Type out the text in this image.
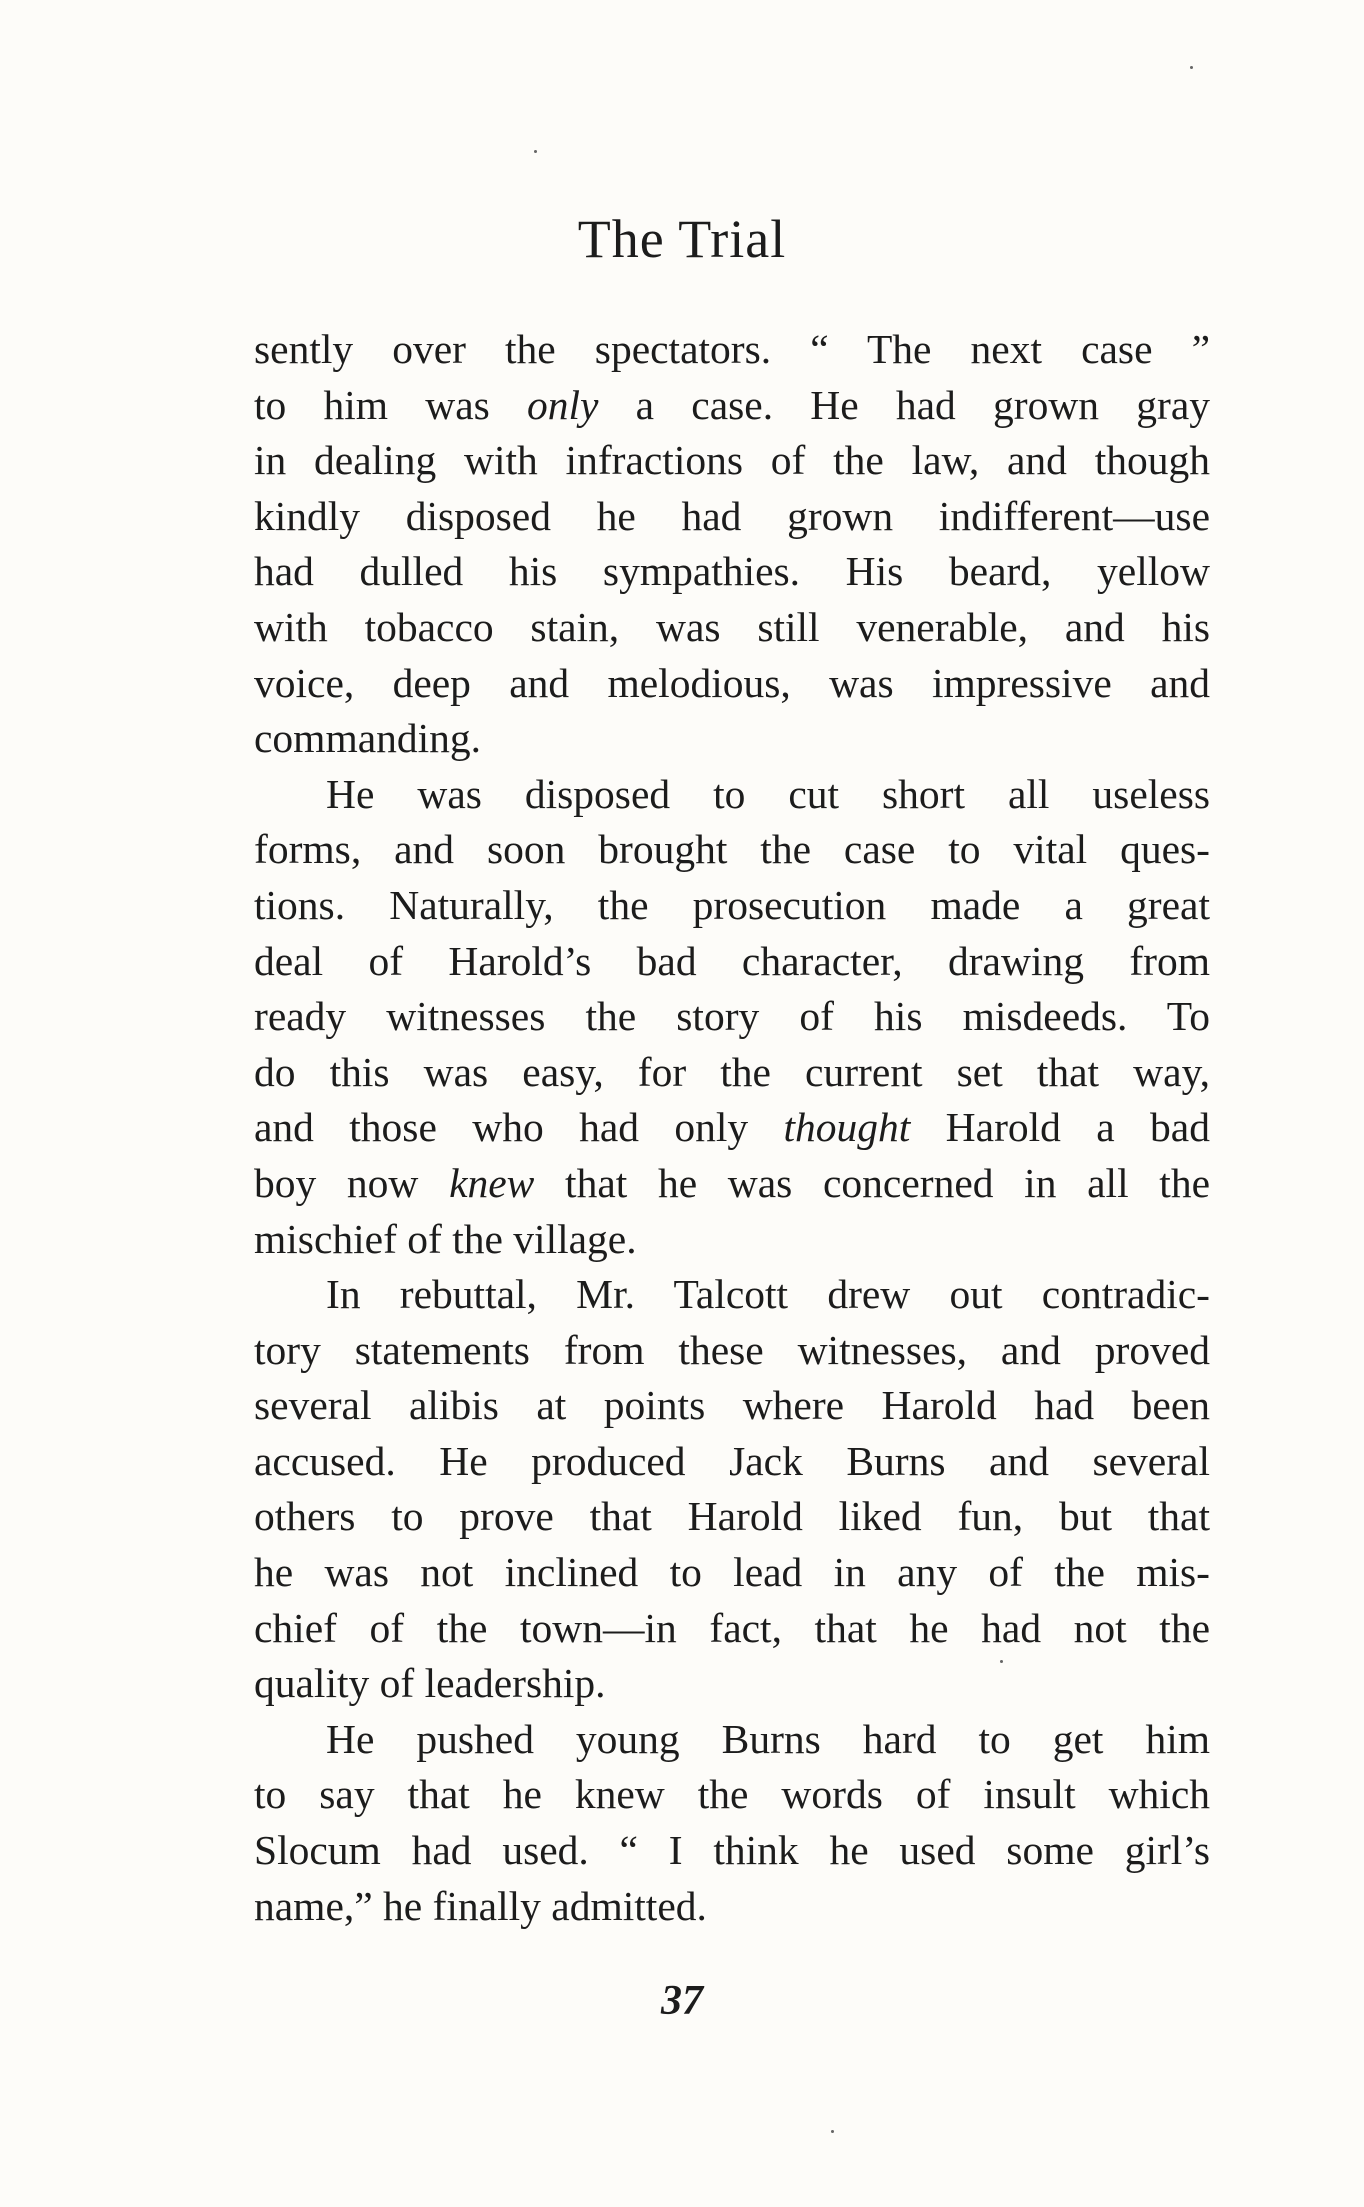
The Trial

sently over the spectators. “ The next case ”
to him was only a case. He had grown gray
in dealing with infractions of the law, and though
kindly disposed he had grown indifferent—use
had dulled his sympathies. His beard, yellow
with tobacco stain, was still venerable, and his
voice, deep and melodious, was impressive and
commanding.

He was disposed to cut short all useless
forms, and soon brought the case to vital ques-
tions. Naturally, the prosecution made a great
deal of Harold’s bad character, drawing from
ready witnesses the story of his misdeeds. To
do this was easy, for the current set that way,
and those who had only thought Harold a bad
boy now knew that he was concerned in all the
mischief of the village.

In rebuttal, Mr. Talcott drew out contradic-
tory statements from these witnesses, and proved
several alibis at points where Harold had been
accused. He produced Jack Burns and several
others to prove that Harold liked fun, but that
he was not inclined to lead in any of the mis-
chief of the town—in fact, that he had not the
quality of leadership.

He pushed young Burns hard to get him
to say that he knew the words of insult which
Slocum had used. “ I think he used some girl’s
name,” he finally admitted.

37
